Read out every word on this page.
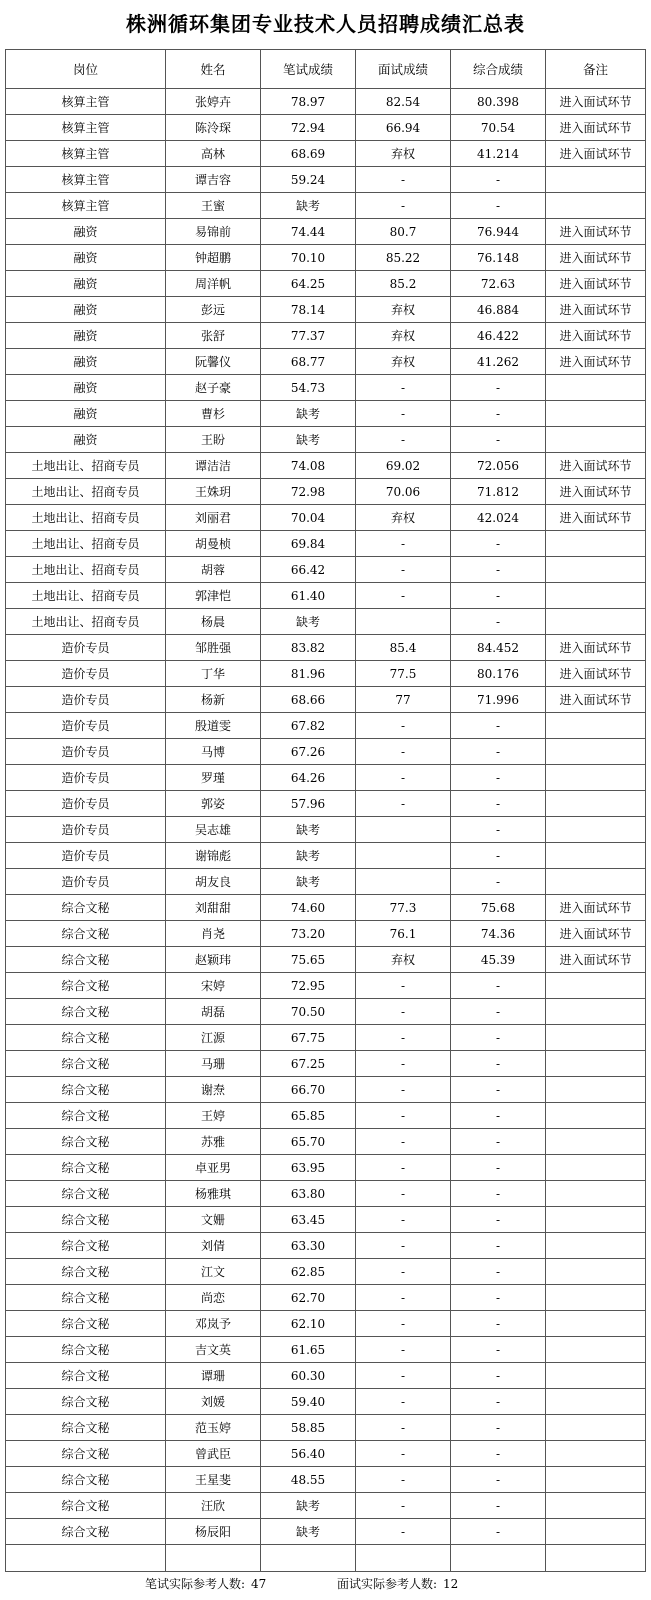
株洲循环集团专业技术人员招聘成绩汇总表
岗位	姓名	笔试成绩	面试成绩	综合成绩	备注
核算主管	张婷卉	78.97	82.54	80.398	进入面试环节
核算主管	陈泠琛	72.94	66.94	70.54	进入面试环节
核算主管	高林	68.69	弃权	41.214	进入面试环节
核算主管	谭吉容	59.24	-	-	
核算主管	王蜜	缺考	-	-	
融资	易锦前	74.44	80.7	76.944	进入面试环节
融资	钟超鹏	70.10	85.22	76.148	进入面试环节
融资	周洋帆	64.25	85.2	72.63	进入面试环节
融资	彭远	78.14	弃权	46.884	进入面试环节
融资	张舒	77.37	弃权	46.422	进入面试环节
融资	阮馨仪	68.77	弃权	41.262	进入面试环节
融资	赵子豪	54.73	-	-	
融资	曹杉	缺考	-	-	
融资	王盼	缺考	-	-	
土地出让、招商专员	谭洁洁	74.08	69.02	72.056	进入面试环节
土地出让、招商专员	王姝玥	72.98	70.06	71.812	进入面试环节
土地出让、招商专员	刘丽君	70.04	弃权	42.024	进入面试环节
土地出让、招商专员	胡曼桢	69.84	-	-	
土地出让、招商专员	胡蓉	66.42	-	-	
土地出让、招商专员	郭津恺	61.40	-	-	
土地出让、招商专员	杨晨	缺考		-	
造价专员	邹胜强	83.82	85.4	84.452	进入面试环节
造价专员	丁华	81.96	77.5	80.176	进入面试环节
造价专员	杨新	68.66	77	71.996	进入面试环节
造价专员	殷道雯	67.82	-	-	
造价专员	马博	67.26	-	-	
造价专员	罗瑾	64.26	-	-	
造价专员	郭姿	57.96	-	-	
造价专员	吴志雄	缺考		-	
造价专员	谢锦彪	缺考		-	
造价专员	胡友良	缺考		-	
综合文秘	刘甜甜	74.60	77.3	75.68	进入面试环节
综合文秘	肖尧	73.20	76.1	74.36	进入面试环节
综合文秘	赵颖玮	75.65	弃权	45.39	进入面试环节
综合文秘	宋婷	72.95	-	-	
综合文秘	胡磊	70.50	-	-	
综合文秘	江源	67.75	-	-	
综合文秘	马珊	67.25	-	-	
综合文秘	谢焘	66.70	-	-	
综合文秘	王婷	65.85	-	-	
综合文秘	苏雅	65.70	-	-	
综合文秘	卓亚男	63.95	-	-	
综合文秘	杨雅琪	63.80	-	-	
综合文秘	文姗	63.45	-	-	
综合文秘	刘倩	63.30	-	-	
综合文秘	江文	62.85	-	-	
综合文秘	尚恋	62.70	-	-	
综合文秘	邓岚予	62.10	-	-	
综合文秘	吉文英	61.65	-	-	
综合文秘	谭珊	60.30	-	-	
综合文秘	刘媛	59.40	-	-	
综合文秘	范玉婷	58.85	-	-	
综合文秘	曾武臣	56.40	-	-	
综合文秘	王星斐	48.55	-	-	
综合文秘	汪欣	缺考	-	-	
综合文秘	杨辰阳	缺考	-	-	

笔试实际参考人数: 47	面试实际参考人数: 12
